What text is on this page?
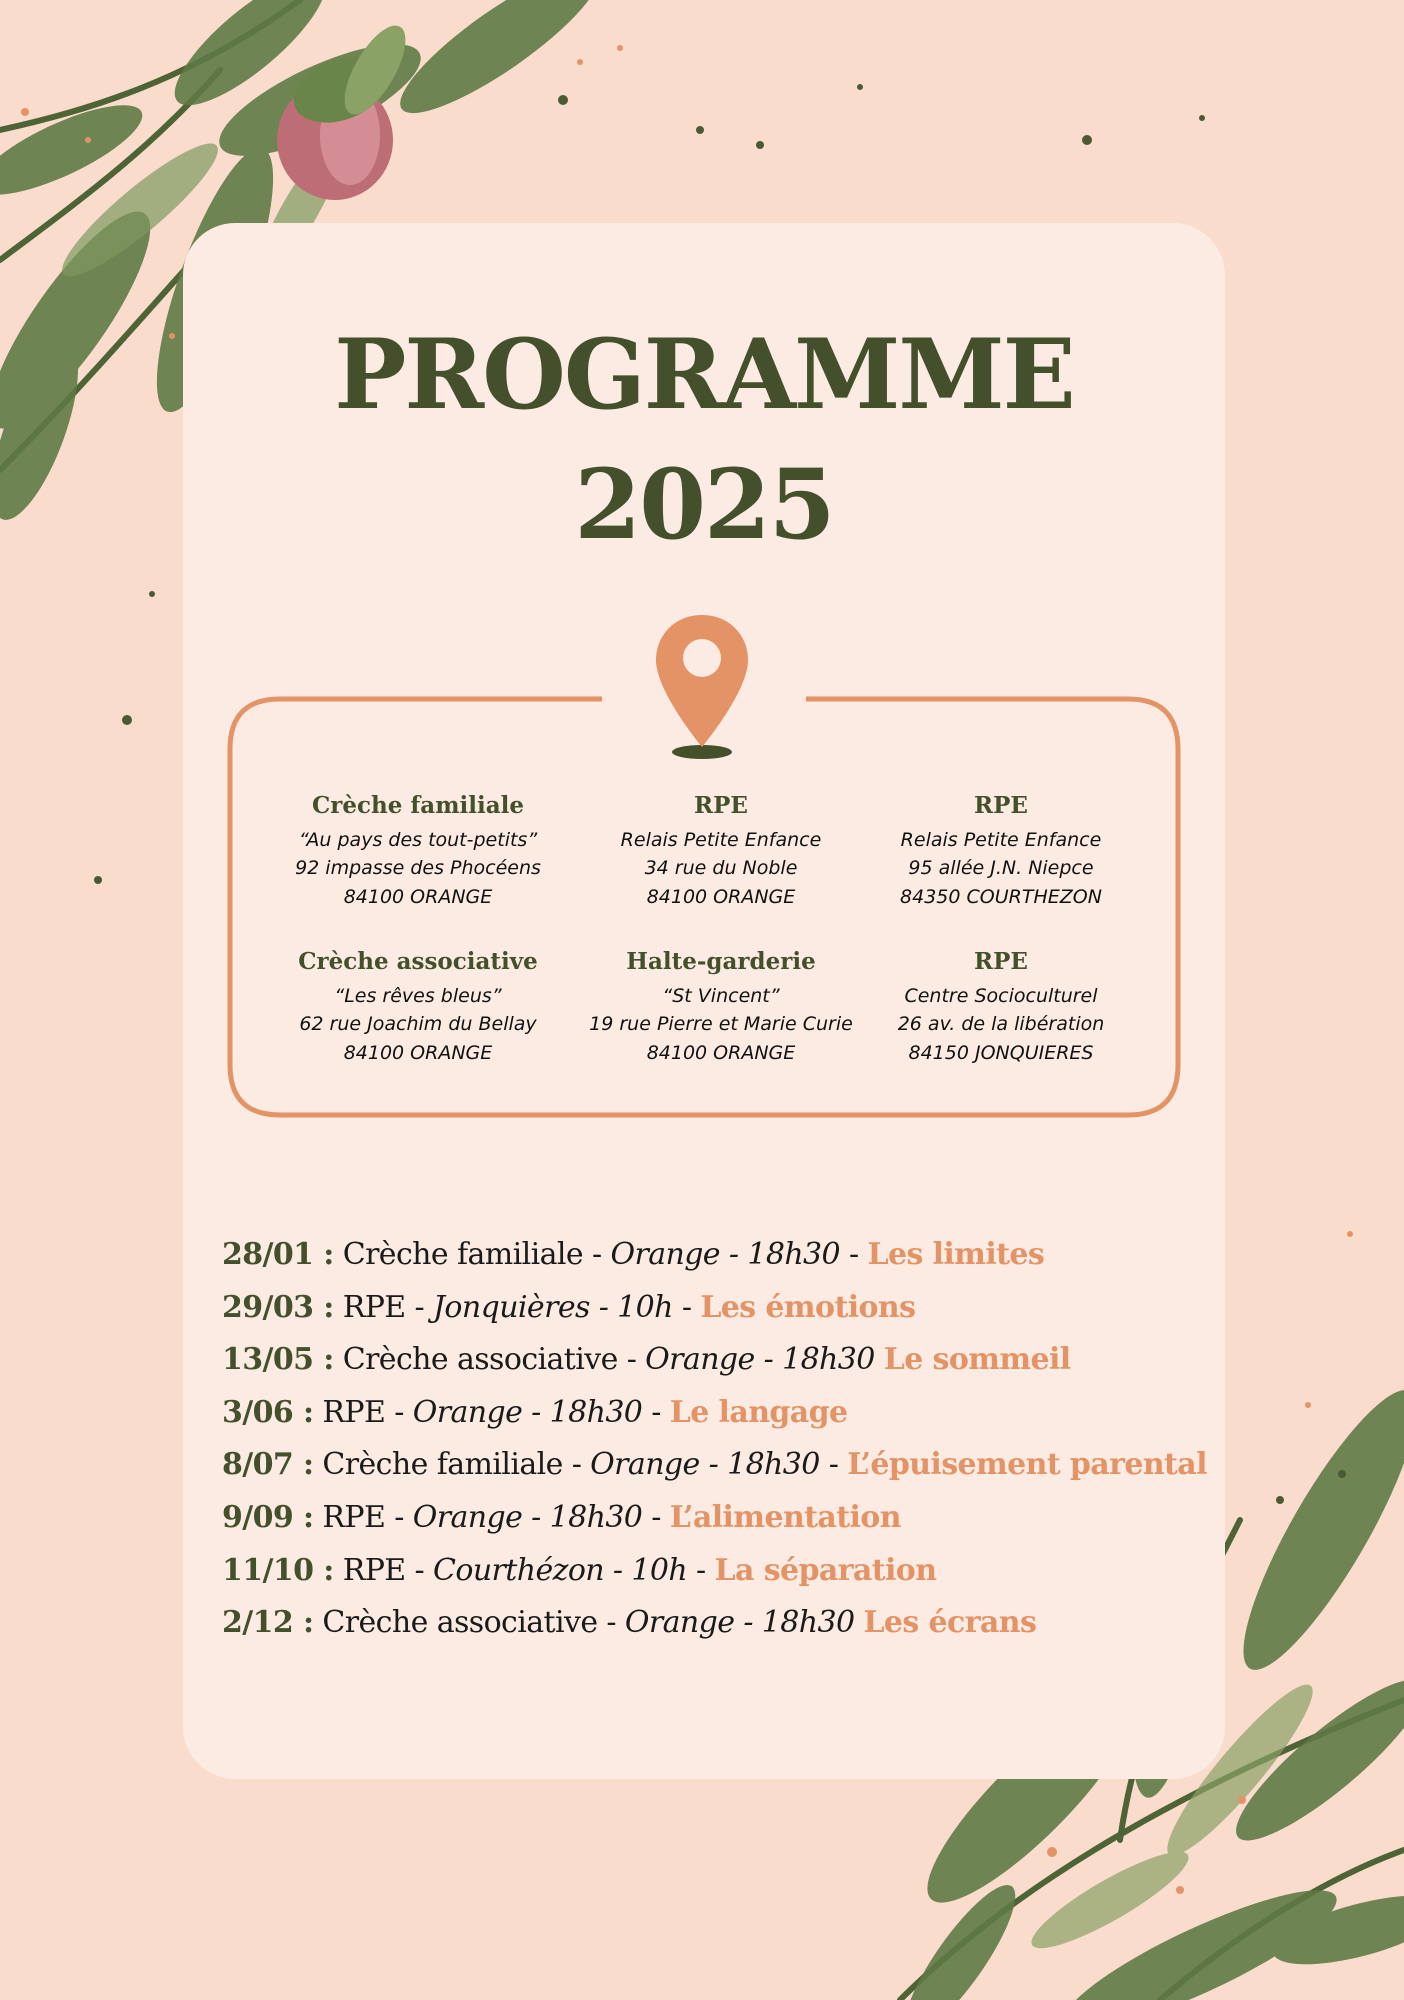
PROGRAMME
2025
Crèche familiale
“Au pays des tout-petits”
92 impasse des Phocéens
84100 ORANGE
RPE
Relais Petite Enfance
34 rue du Noble
84100 ORANGE
RPE
Relais Petite Enfance
95 allée J.N. Niepce
84350 COURTHEZON
Crèche associative
“Les rêves bleus”
62 rue Joachim du Bellay
84100 ORANGE
Halte-garderie
“St Vincent”
19 rue Pierre et Marie Curie
84100 ORANGE
RPE
Centre Socioculturel
26 av. de la libération
84150 JONQUIERES
28/01 : Crèche familiale - Orange - 18h30 - Les limites
29/03 : RPE - Jonquières - 10h - Les émotions
13/05 : Crèche associative - Orange - 18h30 Le sommeil
3/06 : RPE - Orange - 18h30 - Le langage
8/07 : Crèche familiale - Orange - 18h30 - L’épuisement parental
9/09 : RPE - Orange - 18h30 - L’alimentation
11/10 : RPE - Courthézon - 10h - La séparation
2/12 : Crèche associative - Orange - 18h30 Les écrans
